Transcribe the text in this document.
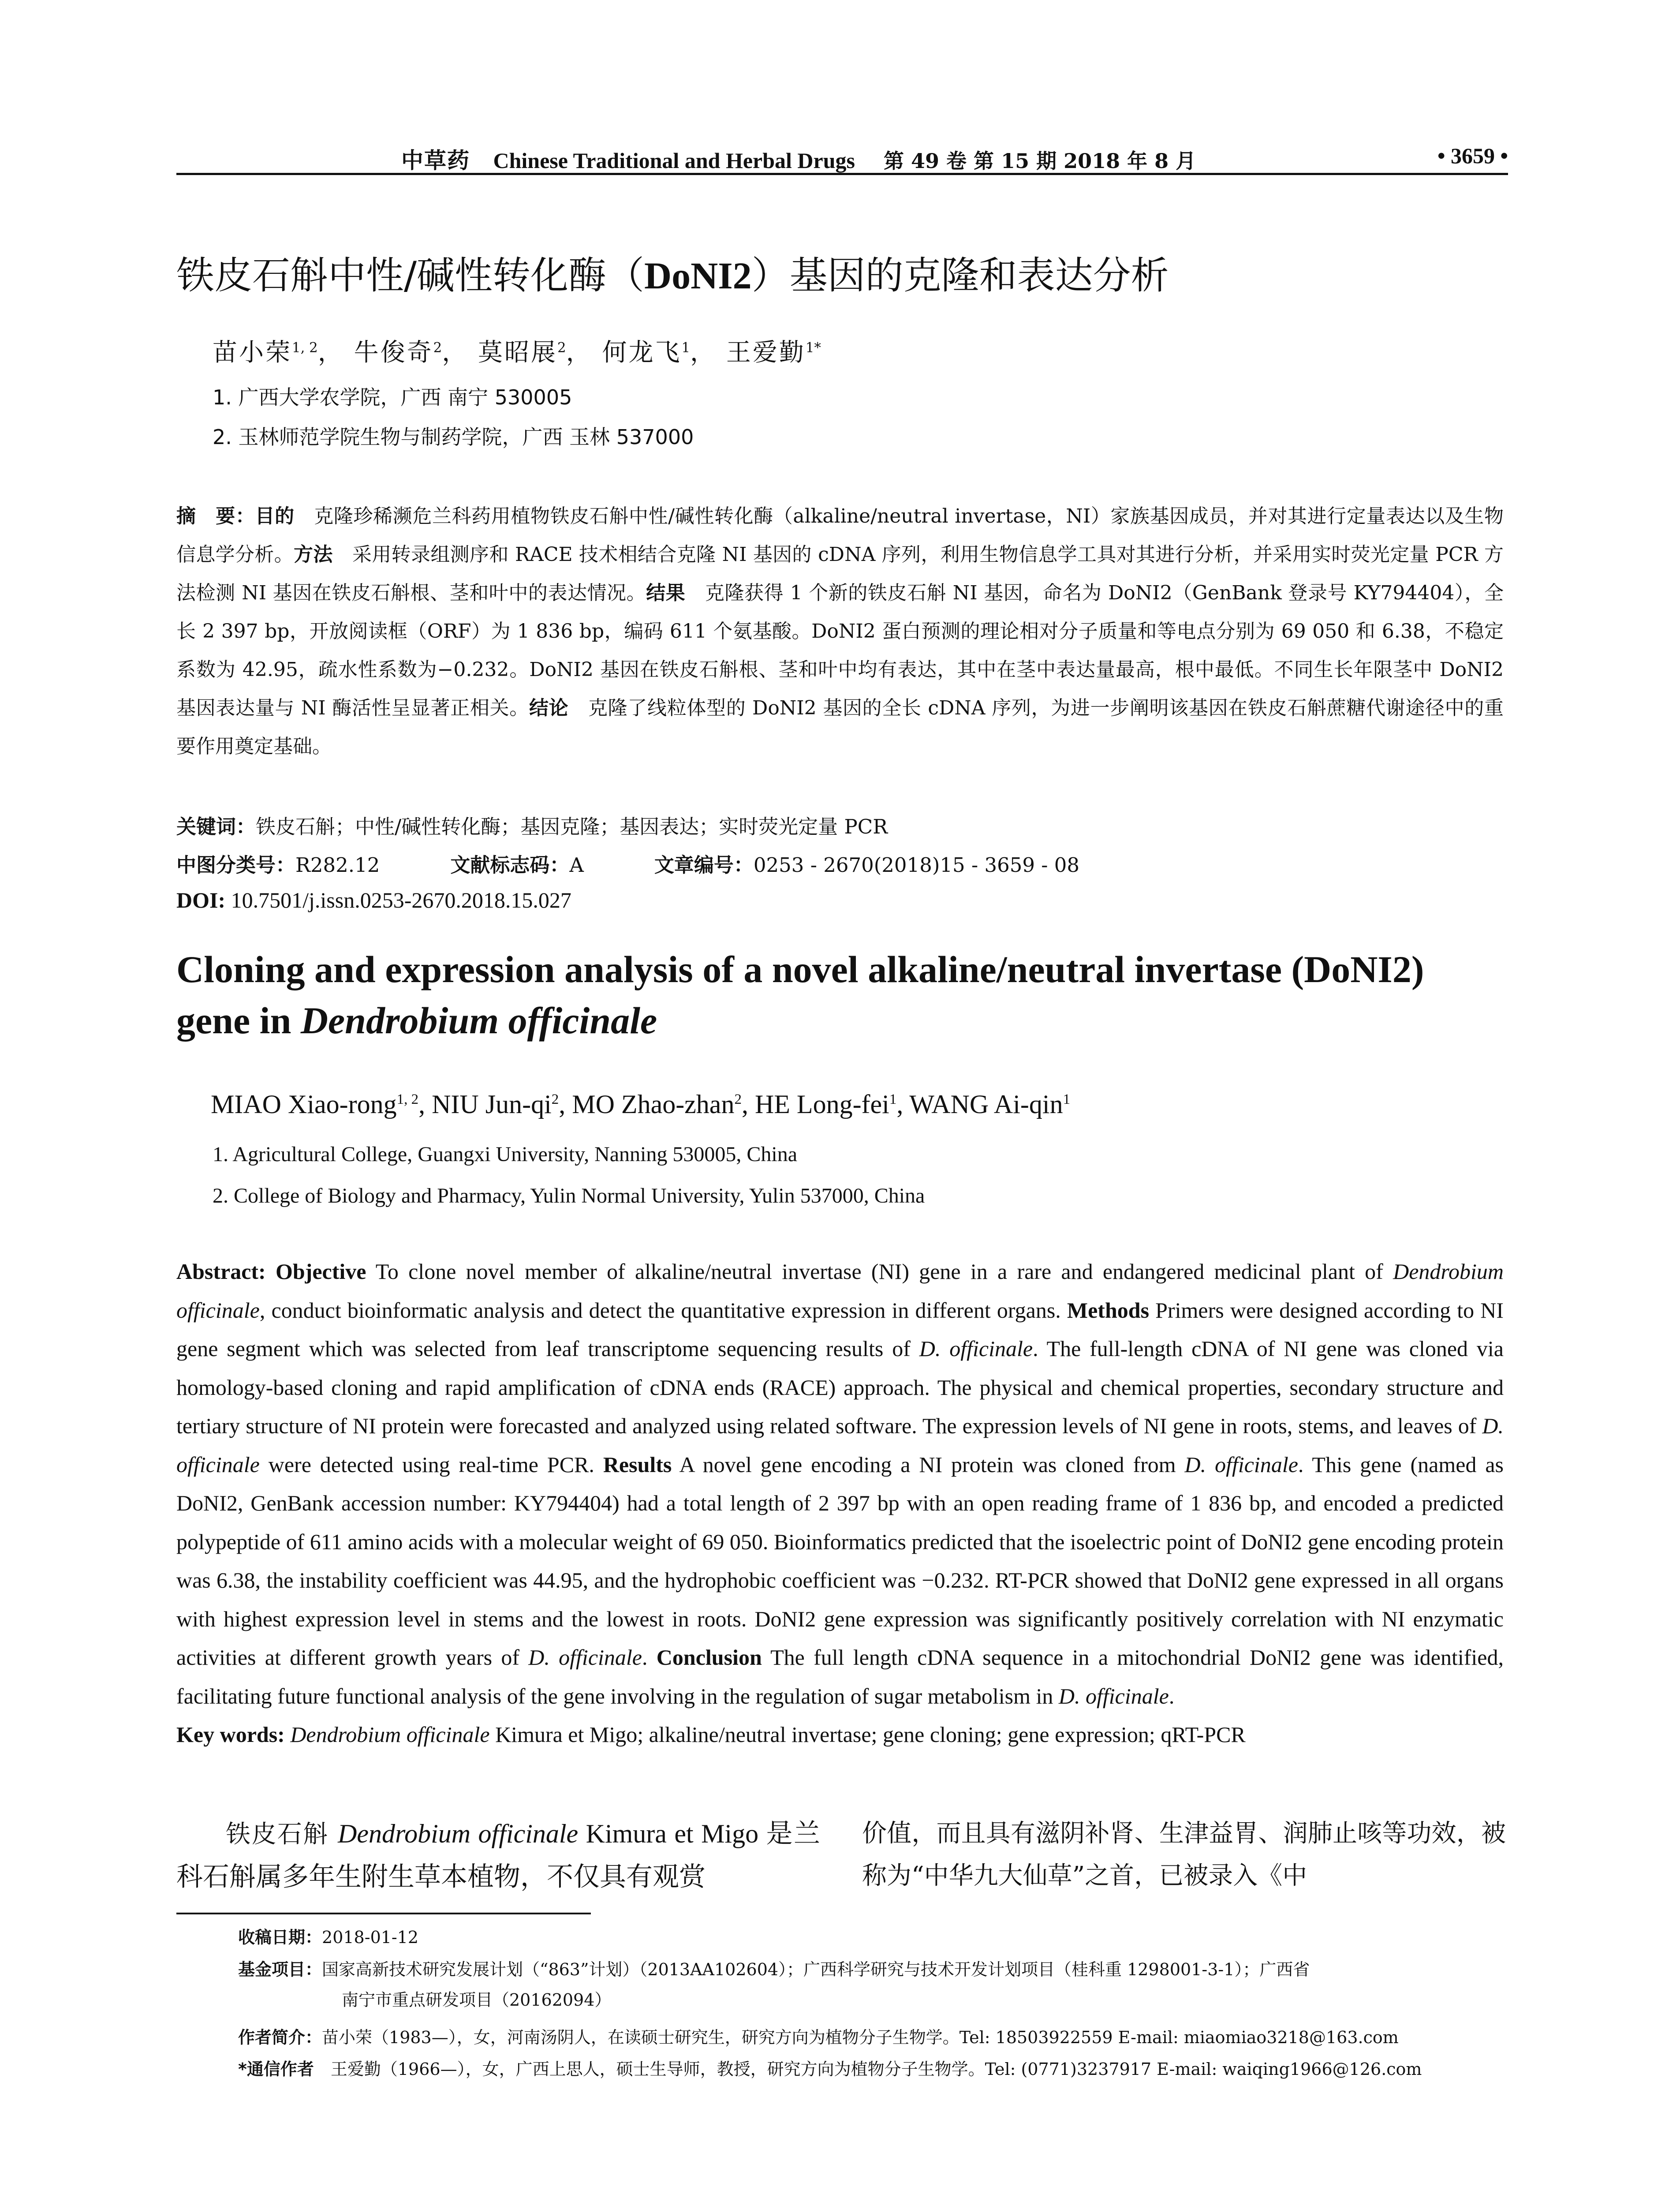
中草药 Chinese Traditional and Herbal Drugs 第 49 卷 第 15 期 2018 年 8 月	• 3659 •
铁皮石斛中性/碱性转化酶（DoNI2）基因的克隆和表达分析
苗小荣$^{1, 2}$， 牛俊奇$^2$， 莫昭展$^2$， 何龙飞$^1$， 王爱勤$^{1*}$
1. 广西大学农学院，广西 南宁 530005
2. 玉林师范学院生物与制药学院，广西 玉林 537000
摘　要：目的　克隆珍稀濒危兰科药用植物铁皮石斛中性/碱性转化酶（alkaline/neutral invertase，NI）家族基因成员，并对其进行定量表达以及生物信息学分析。方法　采用转录组测序和 RACE 技术相结合克隆 NI 基因的 cDNA 序列，利用生物信息学工具对其进行分析，并采用实时荧光定量 PCR 方法检测 NI 基因在铁皮石斛根、茎和叶中的表达情况。结果　克隆获得 1 个新的铁皮石斛 NI 基因，命名为 DoNI2（GenBank 登录号 KY794404），全长 2 397 bp，开放阅读框（ORF）为 1 836 bp，编码 611 个氨基酸。DoNI2 蛋白预测的理论相对分子质量和等电点分别为 69 050 和 6.38，不稳定系数为 42.95，疏水性系数为−0.232。DoNI2 基因在铁皮石斛根、茎和叶中均有表达，其中在茎中表达量最高，根中最低。不同生长年限茎中 DoNI2 基因表达量与 NI 酶活性呈显著正相关。结论　克隆了线粒体型的 DoNI2 基因的全长 cDNA 序列，为进一步阐明该基因在铁皮石斛蔗糖代谢途径中的重要作用奠定基础。
关键词：铁皮石斛；中性/碱性转化酶；基因克隆；基因表达；实时荧光定量 PCR
中图分类号：R282.12	文献标志码：A	文章编号：0253 - 2670(2018)15 - 3659 - 08
DOI: 10.7501/j.issn.0253-2670.2018.15.027
Cloning and expression analysis of a novel alkaline/neutral invertase (DoNI2)
gene in Dendrobium officinale
MIAO Xiao-rong$^{1, 2}$, NIU Jun-$qi^2$, MO Zhao-zhan$^2$, HE Long-fei$^1$, WANG Ai-qin$^1$
1. Agricultural College, Guangxi University, Nanning 530005, China
2. College of Biology and Pharmacy, Yulin Normal University, Yulin 537000, China
Abstract: Objective To clone novel member of alkaline/neutral invertase (NI) gene in a rare and endangered medicinal plant of Dendrobium officinale, conduct bioinformatic analysis and detect the quantitative expression in different organs. Methods Primers were designed according to NI gene segment which was selected from leaf transcriptome sequencing results of D. officinale. The full-length cDNA of NI gene was cloned via homology-based cloning and rapid amplification of cDNA ends (RACE) approach. The physical and chemical properties, secondary structure and tertiary structure of NI protein were forecasted and analyzed using related software. The expression levels of NI gene in roots, stems, and leaves of D. officinale were detected using real-time PCR. Results A novel gene encoding a NI protein was cloned from D. officinale. This gene (named as DoNI2, GenBank accession number: KY794404) had a total length of 2 397 bp with an open reading frame of 1 836 bp, and encoded a predicted polypeptide of 611 amino acids with a molecular weight of 69 050. Bioinformatics predicted that the isoelectric point of DoNI2 gene encoding protein was 6.38, the instability coefficient was 44.95, and the hydrophobic coefficient was −0.232. RT-PCR showed that DoNI2 gene expressed in all organs with highest expression level in stems and the lowest in roots. DoNI2 gene expression was significantly positively correlation with NI enzymatic activities at different growth years of D. officinale. Conclusion The full length cDNA sequence in a mitochondrial DoNI2 gene was identified, facilitating future functional analysis of the gene involving in the regulation of sugar metabolism in D. officinale.
Key words: Dendrobium officinale Kimura et Migo; alkaline/neutral invertase; gene cloning; gene expression; qRT-PCR
铁皮石斛 Dendrobium officinale Kimura et Migo 是兰科石斛属多年生附生草本植物，不仅具有观赏
价值，而且具有滋阴补肾、生津益胃、润肺止咳等功效，被称为“中华九大仙草”之首，已被录入《中
收稿日期：2018-01-12
基金项目：国家高新技术研究发展计划（“863”计划）（2013AA102604）；广西科学研究与技术开发计划项目（桂科重 1298001-3-1）；广西省
南宁市重点研发项目（20162094）
作者简介：苗小荣（1983—），女，河南汤阴人，在读硕士研究生，研究方向为植物分子生物学。Tel: 18503922559 E-mail: miaomiao3218@163.com
*通信作者　王爱勤（1966—），女，广西上思人，硕士生导师，教授，研究方向为植物分子生物学。Tel: (0771)3237917 E-mail: waiqing1966@126.com
